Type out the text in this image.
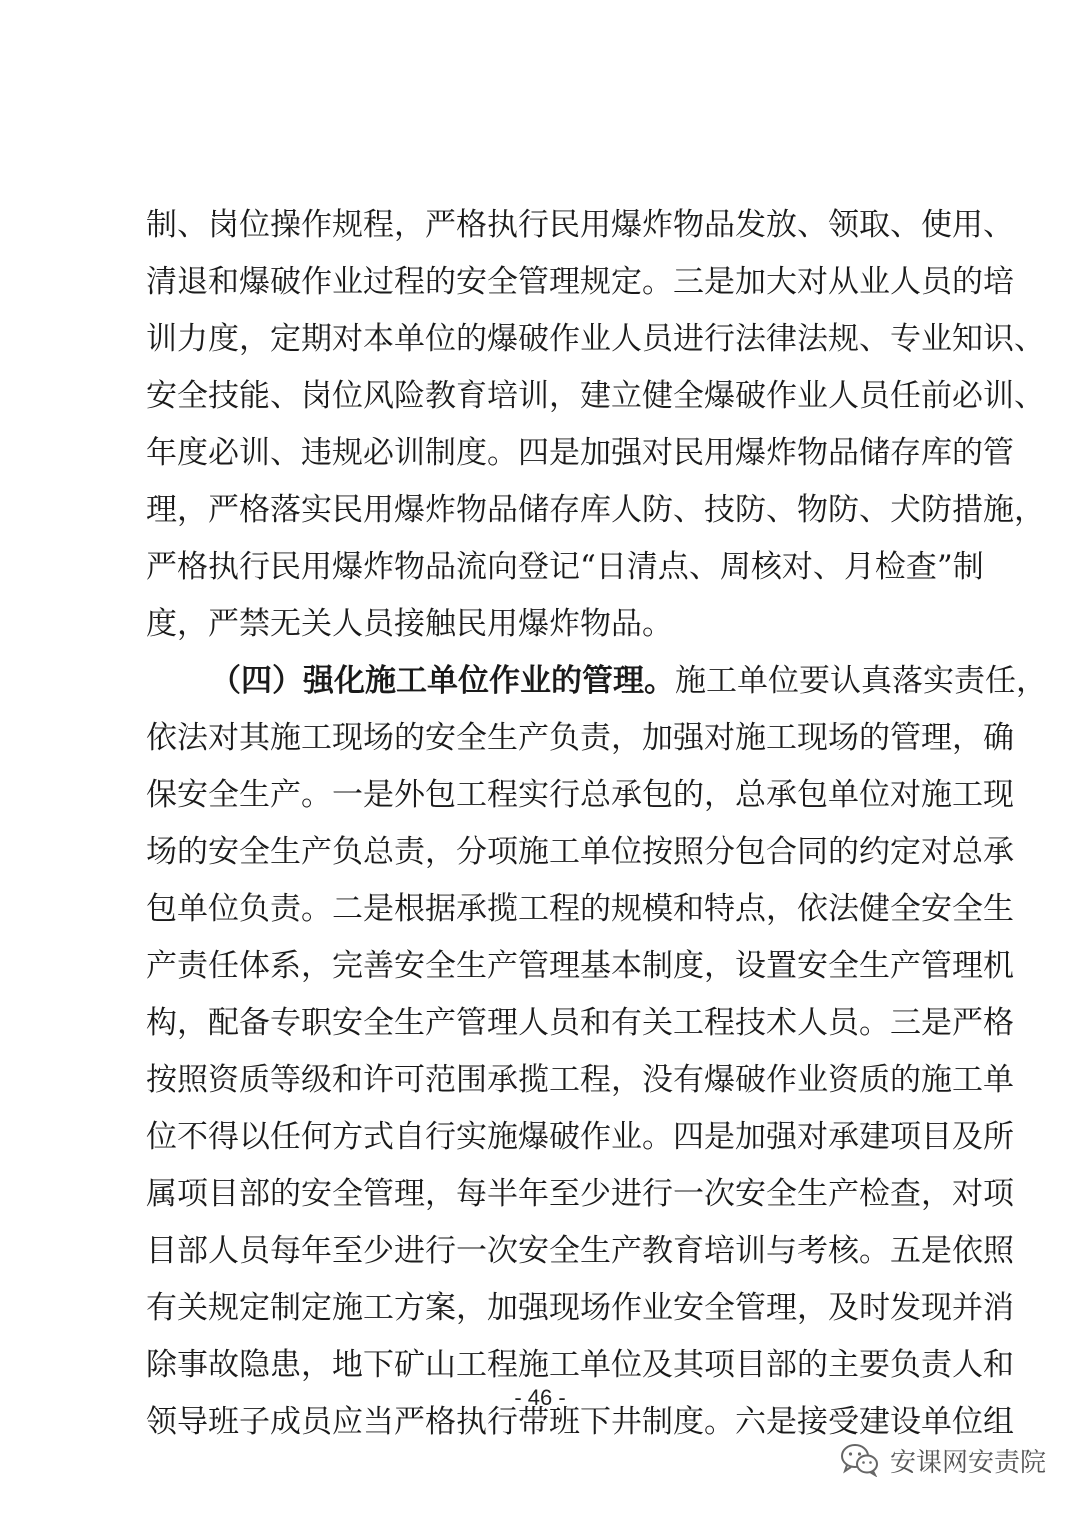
制、岗位操作规程，严格执行民用爆炸物品发放、领取、使用、
清退和爆破作业过程的安全管理规定。三是加大对从业人员的培
训力度，定期对本单位的爆破作业人员进行法律法规、专业知识、
安全技能、岗位风险教育培训，建立健全爆破作业人员任前必训、
年度必训、违规必训制度。四是加强对民用爆炸物品储存库的管
理，严格落实民用爆炸物品储存库人防、技防、物防、犬防措施，
严格执行民用爆炸物品流向登记“日清点、周核对、月检查”制
度，严禁无关人员接触民用爆炸物品。
（四）强化施工单位作业的管理。施工单位要认真落实责任，
依法对其施工现场的安全生产负责，加强对施工现场的管理，确
保安全生产。一是外包工程实行总承包的，总承包单位对施工现
场的安全生产负总责，分项施工单位按照分包合同的约定对总承
包单位负责。二是根据承揽工程的规模和特点，依法健全安全生
产责任体系，完善安全生产管理基本制度，设置安全生产管理机
构，配备专职安全生产管理人员和有关工程技术人员。三是严格
按照资质等级和许可范围承揽工程，没有爆破作业资质的施工单
位不得以任何方式自行实施爆破作业。四是加强对承建项目及所
属项目部的安全管理，每半年至少进行一次安全生产检查，对项
目部人员每年至少进行一次安全生产教育培训与考核。五是依照
有关规定制定施工方案，加强现场作业安全管理，及时发现并消
除事故隐患，地下矿山工程施工单位及其项目部的主要负责人和
领导班子成员应当严格执行带班下井制度。六是接受建设单位组
- 46 -
安课网安责院
